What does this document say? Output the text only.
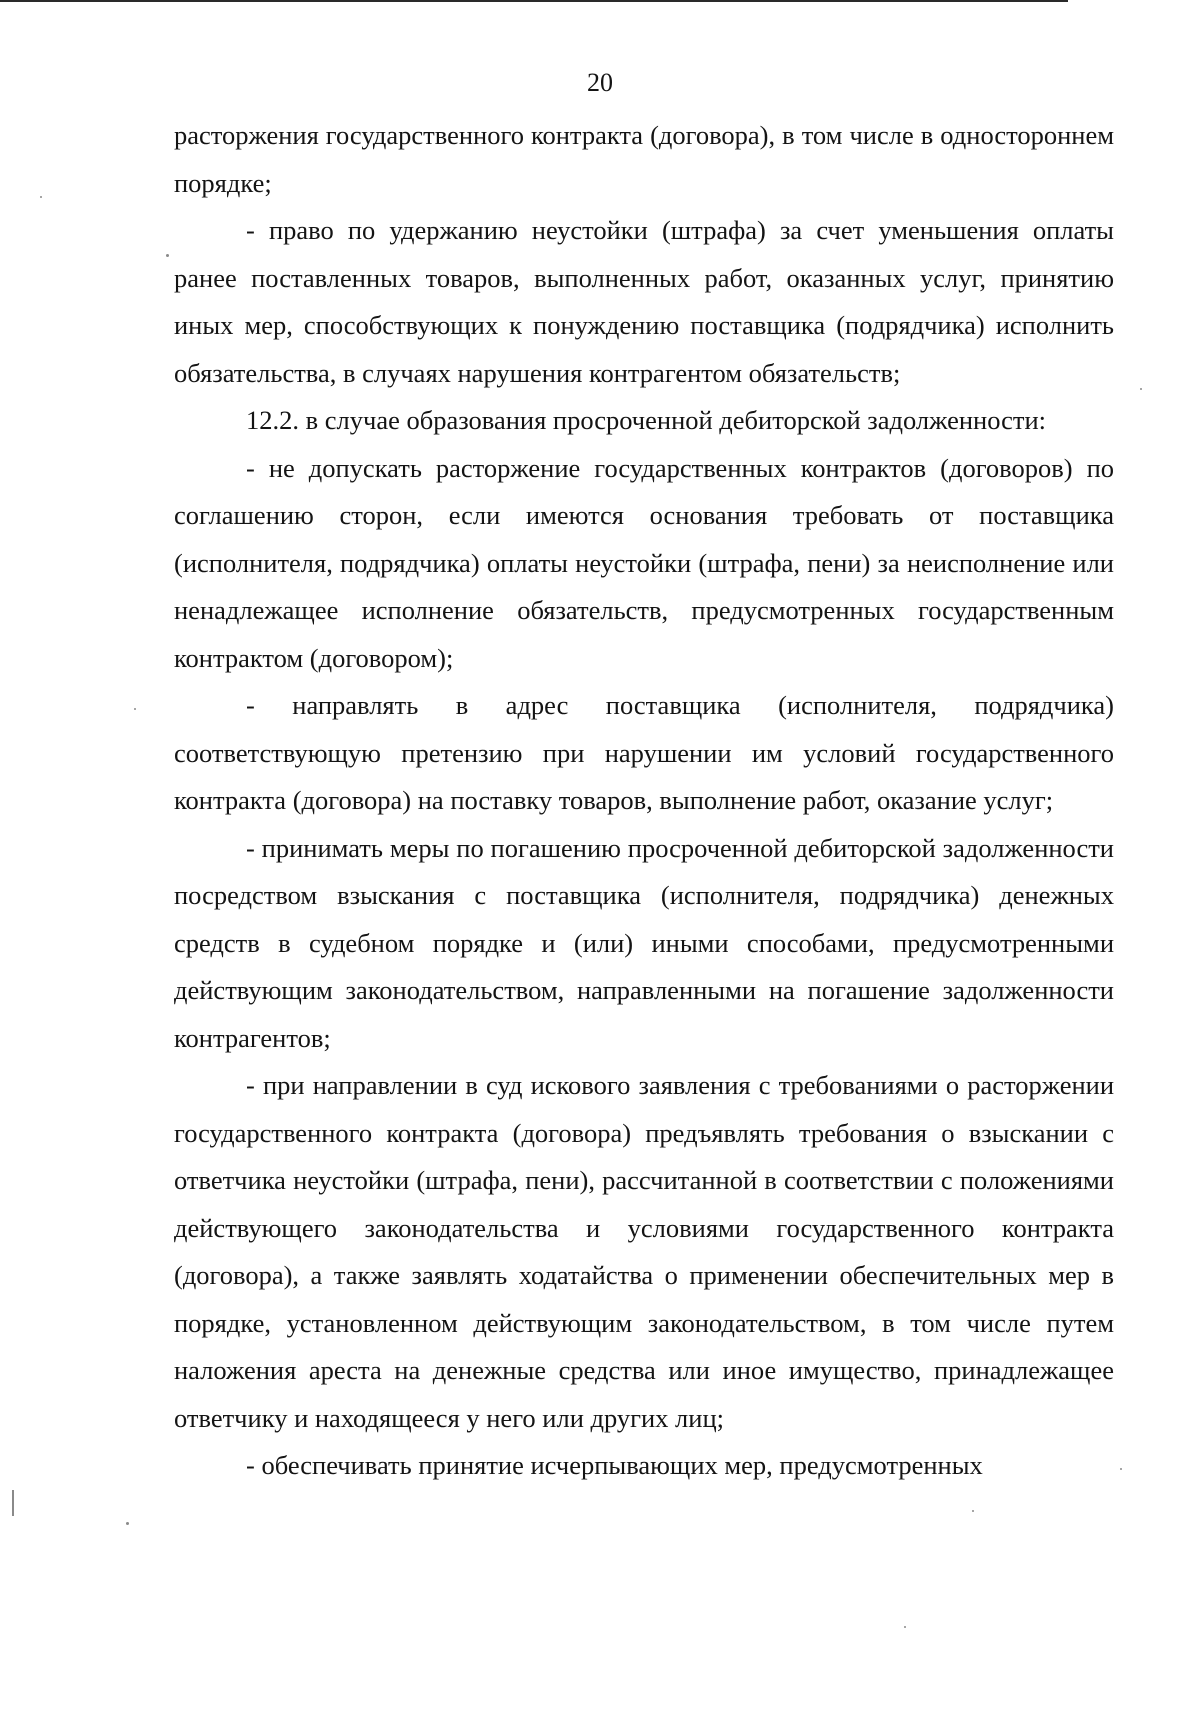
20

расторжения государственного контракта (договора), в том числе в одностороннем порядке;

- право по удержанию неустойки (штрафа) за счет уменьшения оплаты ранее поставленных товаров, выполненных работ, оказанных услуг, принятию иных мер, способствующих к понуждению поставщика (подрядчика) исполнить обязательства, в случаях нарушения контрагентом обязательств;

12.2. в случае образования просроченной дебиторской задолженности:

- не допускать расторжение государственных контрактов (договоров) по соглашению сторон, если имеются основания требовать от поставщика (исполнителя, подрядчика) оплаты неустойки (штрафа, пени) за неисполнение или ненадлежащее исполнение обязательств, предусмотренных государственным контрактом (договором);

- направлять в адрес поставщика (исполнителя, подрядчика) соответствующую претензию при нарушении им условий государственного контракта (договора) на поставку товаров, выполнение работ, оказание услуг;

- принимать меры по погашению просроченной дебиторской задолженности посредством взыскания с поставщика (исполнителя, подрядчика) денежных средств в судебном порядке и (или) иными способами, предусмотренными действующим законодательством, направленными на погашение задолженности контрагентов;

- при направлении в суд искового заявления с требованиями о расторжении государственного контракта (договора) предъявлять требования о взыскании с ответчика неустойки (штрафа, пени), рассчитанной в соответствии с положениями действующего законодательства и условиями государственного контракта (договора), а также заявлять ходатайства о применении обеспечительных мер в порядке, установленном действующим законодательством, в том числе путем наложения ареста на денежные средства или иное имущество, принадлежащее ответчику и находящееся у него или других лиц;

- обеспечивать принятие исчерпывающих мер, предусмотренных
